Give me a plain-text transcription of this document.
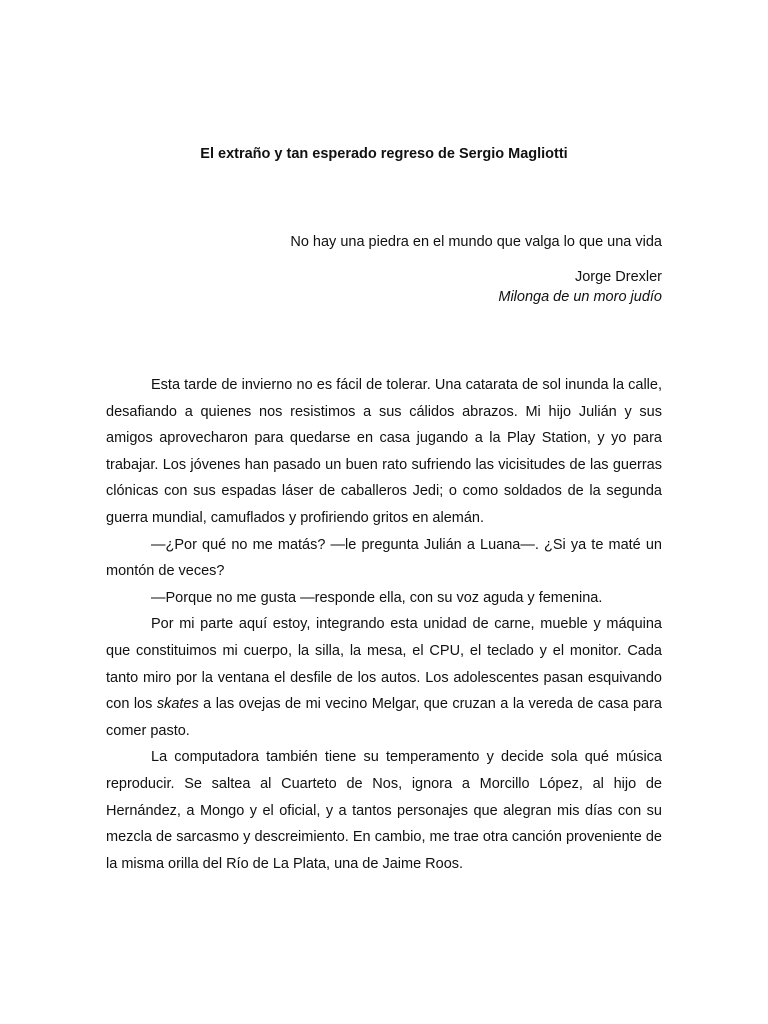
El extraño y tan esperado regreso de Sergio Magliotti
No hay una piedra en el mundo que valga lo que una vida
Jorge Drexler
Milonga de un moro judío

Esta tarde de invierno no es fácil de tolerar. Una catarata de sol inunda la calle, desafiando a quienes nos resistimos a sus cálidos abrazos. Mi hijo Julián y sus amigos aprovecharon para quedarse en casa jugando a la Play Station, y yo para trabajar. Los jóvenes han pasado un buen rato sufriendo las vicisitudes de las guerras clónicas con sus espadas láser de caballeros Jedi; o como soldados de la segunda guerra mundial, camuflados y profiriendo gritos en alemán.

—¿Por qué no me matás? —le pregunta Julián a Luana—. ¿Si ya te maté un montón de veces?

—Porque no me gusta —responde ella, con su voz aguda y femenina.

Por mi parte aquí estoy, integrando esta unidad de carne, mueble y máquina que constituimos mi cuerpo, la silla, la mesa, el CPU, el teclado y el monitor. Cada tanto miro por la ventana el desfile de los autos. Los adolescentes pasan esquivando con los skates a las ovejas de mi vecino Melgar, que cruzan a la vereda de casa para comer pasto.

La computadora también tiene su temperamento y decide sola qué música reproducir. Se saltea al Cuarteto de Nos, ignora a Morcillo López, al hijo de Hernández, a Mongo y el oficial, y a tantos personajes que alegran mis días con su mezcla de sarcasmo y descreimiento. En cambio, me trae otra canción proveniente de la misma orilla del Río de La Plata, una de Jaime Roos.
